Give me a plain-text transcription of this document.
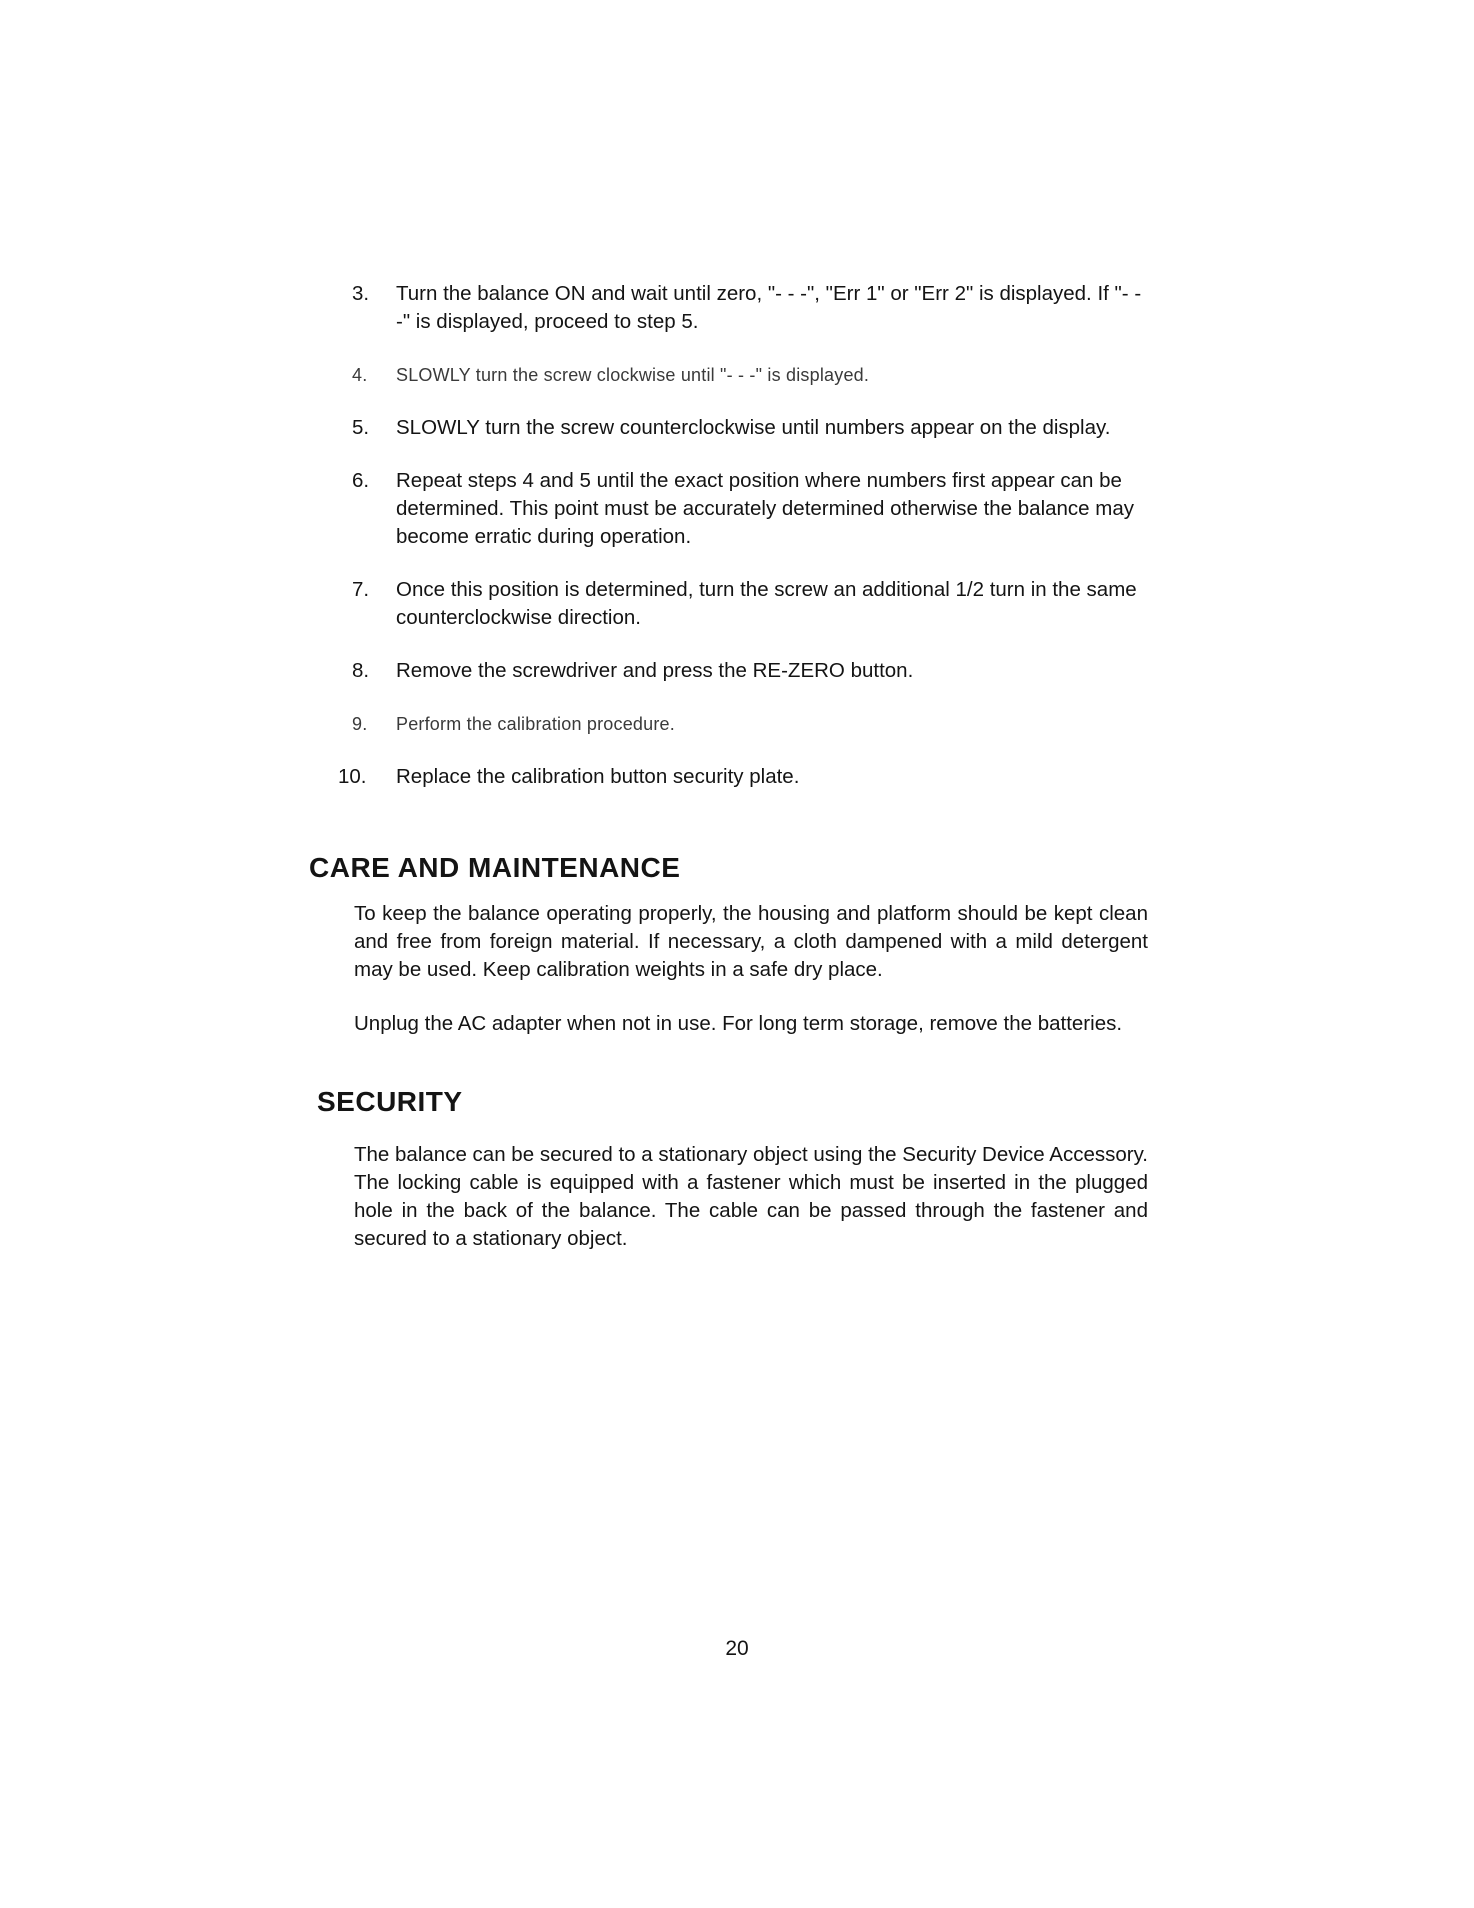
3. Turn the balance ON and wait until zero, "- - -", "Err 1" or "Err 2" is displayed. If "- - -" is displayed, proceed to step 5.
4. SLOWLY turn the screw clockwise until "- - -" is displayed.
5. SLOWLY turn the screw counterclockwise until numbers appear on the display.
6. Repeat steps 4 and 5 until the exact position where numbers first appear can be determined. This point must be accurately determined otherwise the balance may become erratic during operation.
7. Once this position is determined, turn the screw an additional 1/2 turn in the same counterclockwise direction.
8. Remove the screwdriver and press the RE-ZERO button.
9. Perform the calibration procedure.
10. Replace the calibration button security plate.
CARE AND MAINTENANCE

To keep the balance operating properly, the housing and platform should be kept clean and free from foreign material. If necessary, a cloth dampened with a mild detergent may be used. Keep calibration weights in a safe dry place.

Unplug the AC adapter when not in use. For long term storage, remove the batteries.

SECURITY

The balance can be secured to a stationary object using the Security Device Accessory. The locking cable is equipped with a fastener which must be inserted in the plugged hole in the back of the balance. The cable can be passed through the fastener and secured to a stationary object.

20
